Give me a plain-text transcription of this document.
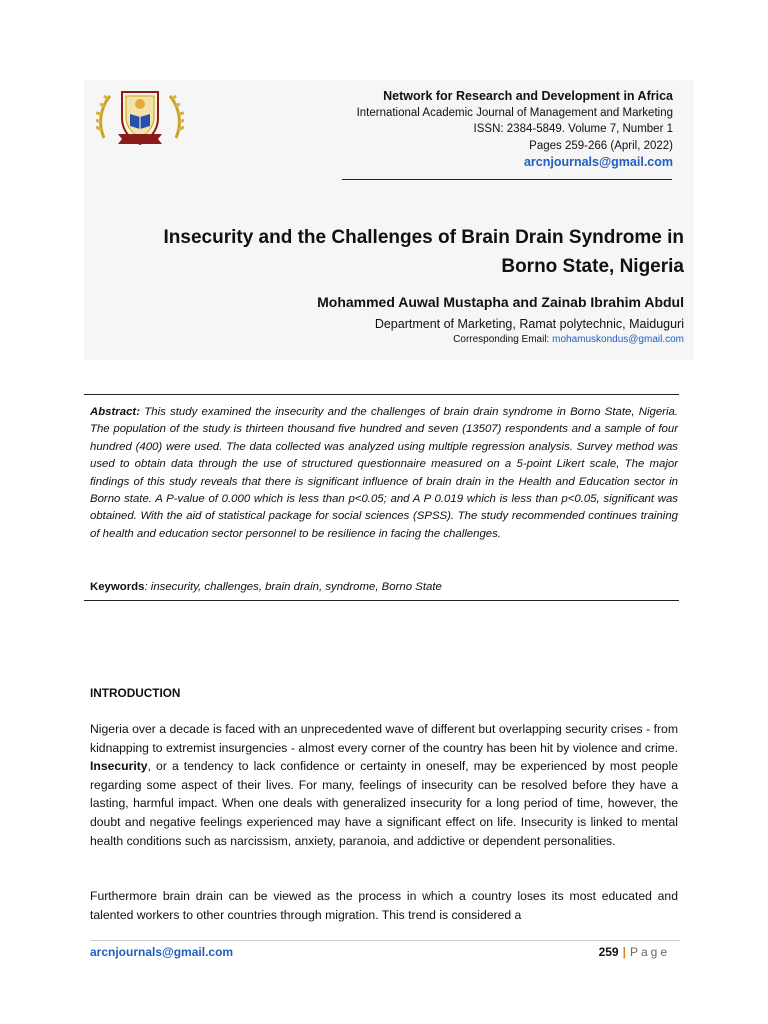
Network for Research and Development in Africa
International Academic Journal of Management and Marketing
ISSN: 2384-5849. Volume 7, Number 1
Pages 259-266 (April, 2022)
arcnjournals@gmail.com
Insecurity and the Challenges of Brain Drain Syndrome in Borno State, Nigeria
Mohammed Auwal Mustapha and Zainab Ibrahim Abdul
Department of Marketing, Ramat polytechnic, Maiduguri
Corresponding Email: mohamuskondus@gmail.com
Abstract: This study examined the insecurity and the challenges of brain drain syndrome in Borno State, Nigeria. The population of the study is thirteen thousand five hundred and seven (13507) respondents and a sample of four hundred (400) were used. The data collected was analyzed using multiple regression analysis. Survey method was used to obtain data through the use of structured questionnaire measured on a 5-point Likert scale, The major findings of this study reveals that there is significant influence of brain drain in the Health and Education sector in Borno state. A P-value of 0.000 which is less than p<0.05; and A P 0.019 which is less than p<0.05, significant was obtained. With the aid of statistical package for social sciences (SPSS). The study recommended continues training of health and education sector personnel to be resilience in facing the challenges.
Keywords: insecurity, challenges, brain drain, syndrome, Borno State
INTRODUCTION
Nigeria over a decade is faced with an unprecedented wave of different but overlapping security crises - from kidnapping to extremist insurgencies - almost every corner of the country has been hit by violence and crime. Insecurity, or a tendency to lack confidence or certainty in oneself, may be experienced by most people regarding some aspect of their lives. For many, feelings of insecurity can be resolved before they have a lasting, harmful impact. When one deals with generalized insecurity for a long period of time, however, the doubt and negative feelings experienced may have a significant effect on life. Insecurity is linked to mental health conditions such as narcissism, anxiety, paranoia, and addictive or dependent personalities.
Furthermore brain drain can be viewed as the process in which a country loses its most educated and talented workers to other countries through migration. This trend is considered a
arcnjournals@gmail.com	259 | Page
